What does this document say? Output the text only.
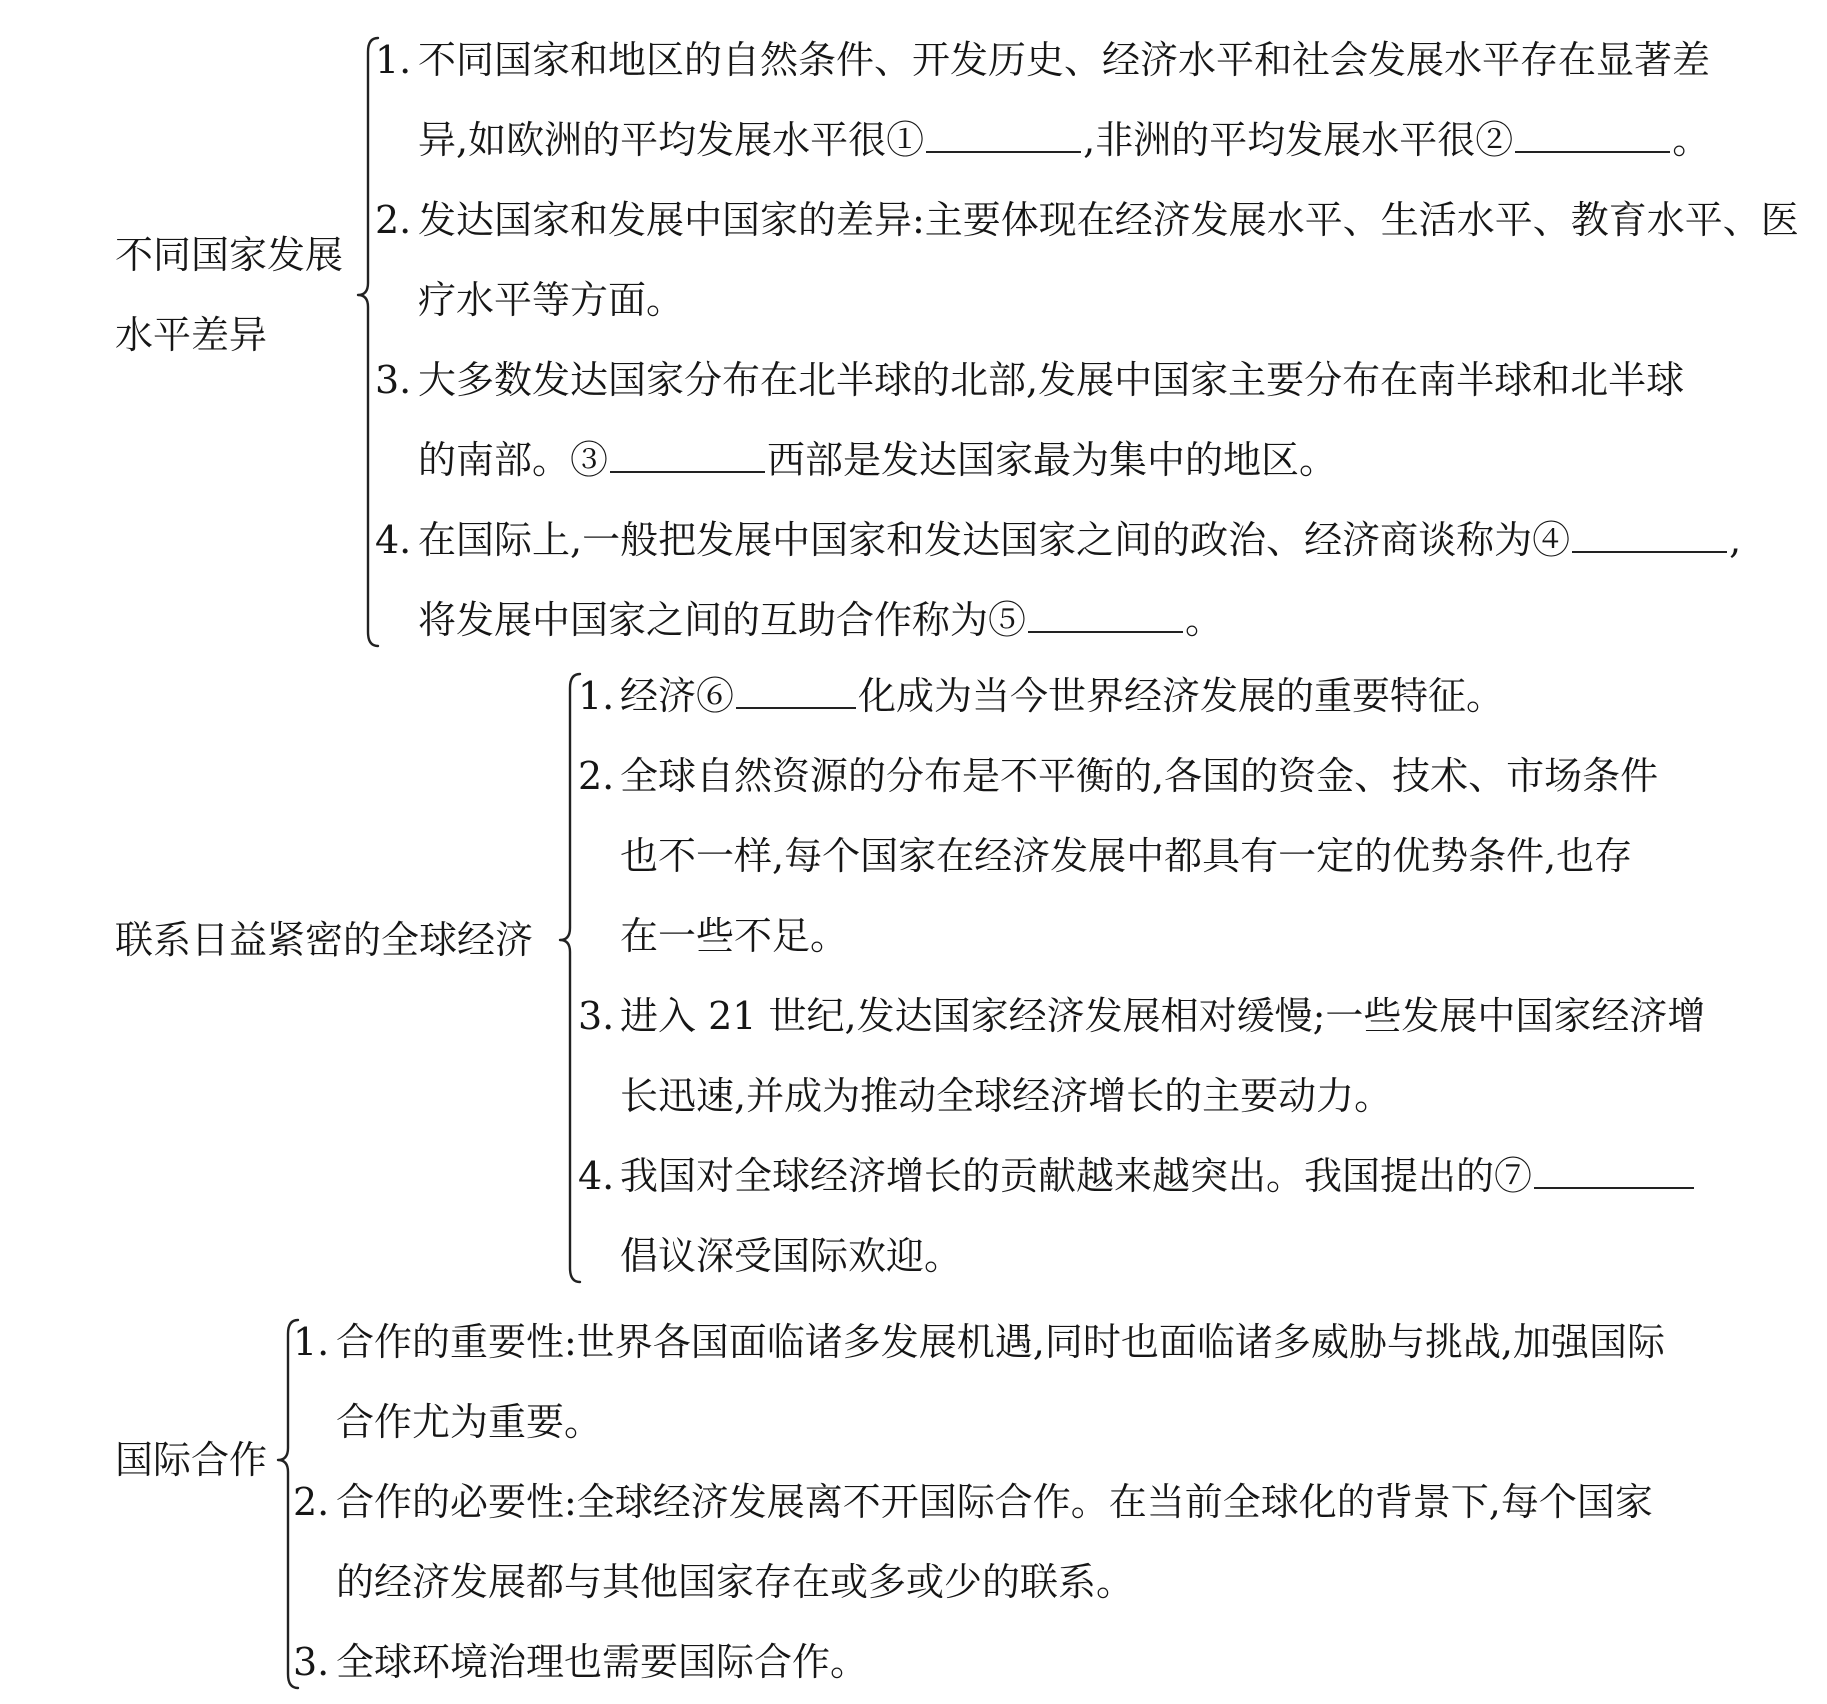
不同国家发展
水平差异
1. 不同国家和地区的自然条件、开发历史、经济水平和社会发展水平存在显著差
异,如欧洲的平均发展水平很①	,非洲的平均发展水平很②	。
2. 发达国家和发展中国家的差异:主要体现在经济发展水平、生活水平、教育水平、医
疗水平等方面。
3. 大多数发达国家分布在北半球的北部,发展中国家主要分布在南半球和北半球
的南部。③	西部是发达国家最为集中的地区。
4. 在国际上,一般把发展中国家和发达国家之间的政治、经济商谈称为④	,
将发展中国家之间的互助合作称为⑤	。
联系日益紧密的全球经济
1. 经济⑥	化成为当今世界经济发展的重要特征。
2. 全球自然资源的分布是不平衡的,各国的资金、技术、市场条件
也不一样,每个国家在经济发展中都具有一定的优势条件,也存
在一些不足。
3. 进入 21 世纪,发达国家经济发展相对缓慢;一些发展中国家经济增
长迅速,并成为推动全球经济增长的主要动力。
4. 我国对全球经济增长的贡献越来越突出。我国提出的⑦
倡议深受国际欢迎。
国际合作
1. 合作的重要性:世界各国面临诸多发展机遇,同时也面临诸多威胁与挑战,加强国际
合作尤为重要。
2. 合作的必要性:全球经济发展离不开国际合作。在当前全球化的背景下,每个国家
的经济发展都与其他国家存在或多或少的联系。
3. 全球环境治理也需要国际合作。
